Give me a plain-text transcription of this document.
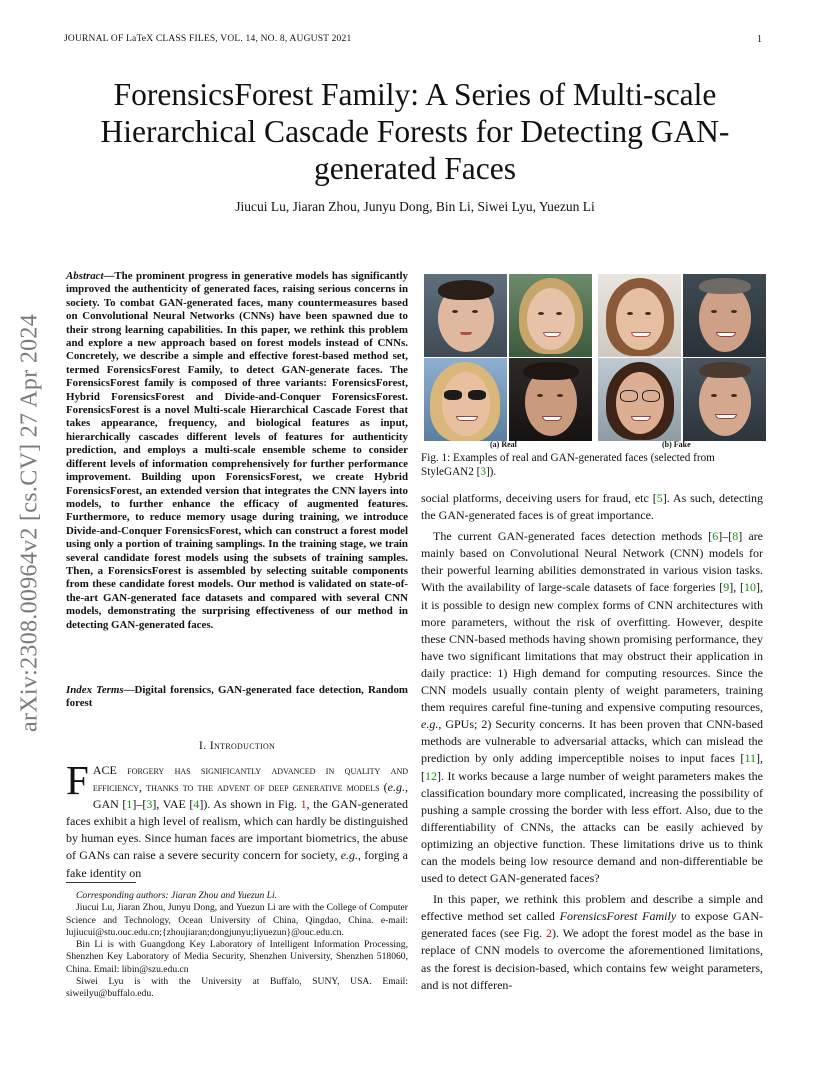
JOURNAL OF LaTeX CLASS FILES, VOL. 14, NO. 8, AUGUST 2021	1
arXiv:2308.00964v2 [cs.CV] 27 Apr 2024
ForensicsForest Family: A Series of Multi-scale Hierarchical Cascade Forests for Detecting GAN-generated Faces
Jiucui Lu, Jiaran Zhou, Junyu Dong, Bin Li, Siwei Lyu, Yuezun Li
Abstract—The prominent progress in generative models has significantly improved the authenticity of generated faces, raising serious concerns in society. To combat GAN-generated faces, many countermeasures based on Convolutional Neural Networks (CNNs) have been spawned due to their strong learning capabilities. In this paper, we rethink this problem and explore a new approach based on forest models instead of CNNs. Concretely, we describe a simple and effective forest-based method set, termed ForensicsForest Family, to detect GAN-generate faces. The ForensicsForest family is composed of three variants: ForensicsForest, Hybrid ForensicsForest and Divide-and-Conquer ForensicsForest. ForensicsForest is a novel Multi-scale Hierarchical Cascade Forest that takes appearance, frequency, and biological features as input, hierarchically cascades different levels of features for authenticity prediction, and employs a multi-scale ensemble scheme to consider different levels of information comprehensively for further performance improvement. Building upon ForensicsForest, we create Hybrid ForensicsForest, an extended version that integrates the CNN layers into models, to further enhance the efficacy of augmented features. Furthermore, to reduce memory usage during training, we introduce Divide-and-Conquer ForensicsForest, which can construct a forest model using only a portion of training samplings. In the training stage, we train several candidate forest models using the subsets of training samples. Then, a ForensicsForest is assembled by selecting suitable components from these candidate forest models. Our method is validated on state-of-the-art GAN-generated face datasets and compared with several CNN models, demonstrating the surprising effectiveness of our method in detecting GAN-generated faces.
Index Terms—Digital forensics, GAN-generated face detection, Random forest
I. Introduction
FACE forgery has significantly advanced in quality and efficiency, thanks to the advent of deep generative models (e.g., GAN [1]–[3], VAE [4]). As shown in Fig. 1, the GAN-generated faces exhibit a high level of realism, which can hardly be distinguished by human eyes. Since human faces are important biometrics, the abuse of GANs can raise a severe security concern for society, e.g., forging a fake identity on

Corresponding authors: Jiaran Zhou and Yuezun Li.

Jiucui Lu, Jiaran Zhou, Junyu Dong, and Yuezun Li are with the College of Computer Science and Technology, Ocean University of China, Qingdao, China. e-mail: lujiucui@stu.ouc.edu.cn;{zhoujiaran;dongjunyu;liyuezun}@ouc.edu.cn.

Bin Li is with Guangdong Key Laboratory of Intelligent Information Processing, Shenzhen Key Laboratory of Media Security, Shenzhen University, Shenzhen 518060, China. Email: libin@szu.edu.cn

Siwei Lyu is with the University at Buffalo, SUNY, USA. Email: siweilyu@buffalo.edu.

(a) Real	(b) Fake
Fig. 1: Examples of real and GAN-generated faces (selected from StyleGAN2 [3]).

social platforms, deceiving users for fraud, etc [5]. As such, detecting the GAN-generated faces is of great importance.

The current GAN-generated faces detection methods [6]–[8] are mainly based on Convolutional Neural Network (CNN) models for their powerful learning abilities demonstrated in various vision tasks. With the availability of large-scale datasets of face forgeries [9], [10], it is possible to design new complex forms of CNN architectures with more parameters, without the risk of overfitting. However, despite these CNN-based methods having shown promising performance, they have two significant limitations that may obstruct their application in daily practice: 1) High demand for computing resources. Since the CNN models usually contain plenty of weight parameters, training them requires careful fine-tuning and expensive computing resources, e.g., GPUs; 2) Security concerns. It has been proven that CNN-based methods are vulnerable to adversarial attacks, which can mislead the prediction by only adding imperceptible noises to input faces [11], [12]. It works because a large number of weight parameters makes the classification boundary more complicated, increasing the possibility of pushing a sample crossing the border with less effort. Also, due to the differentiability of CNNs, the attacks can be easily achieved by optimizing an objective function. These limitations drive us to think can the models being low resource demand and non-differentiable be used to detect GAN-generated faces?

In this paper, we rethink this problem and describe a simple and effective method set called ForensicsForest Family to expose GAN-generated faces (see Fig. 2). We adopt the forest model as the base in replace of CNN models to overcome the aforementioned limitations, as the forest is decision-based, which contains few weight parameters, and is not differen-
